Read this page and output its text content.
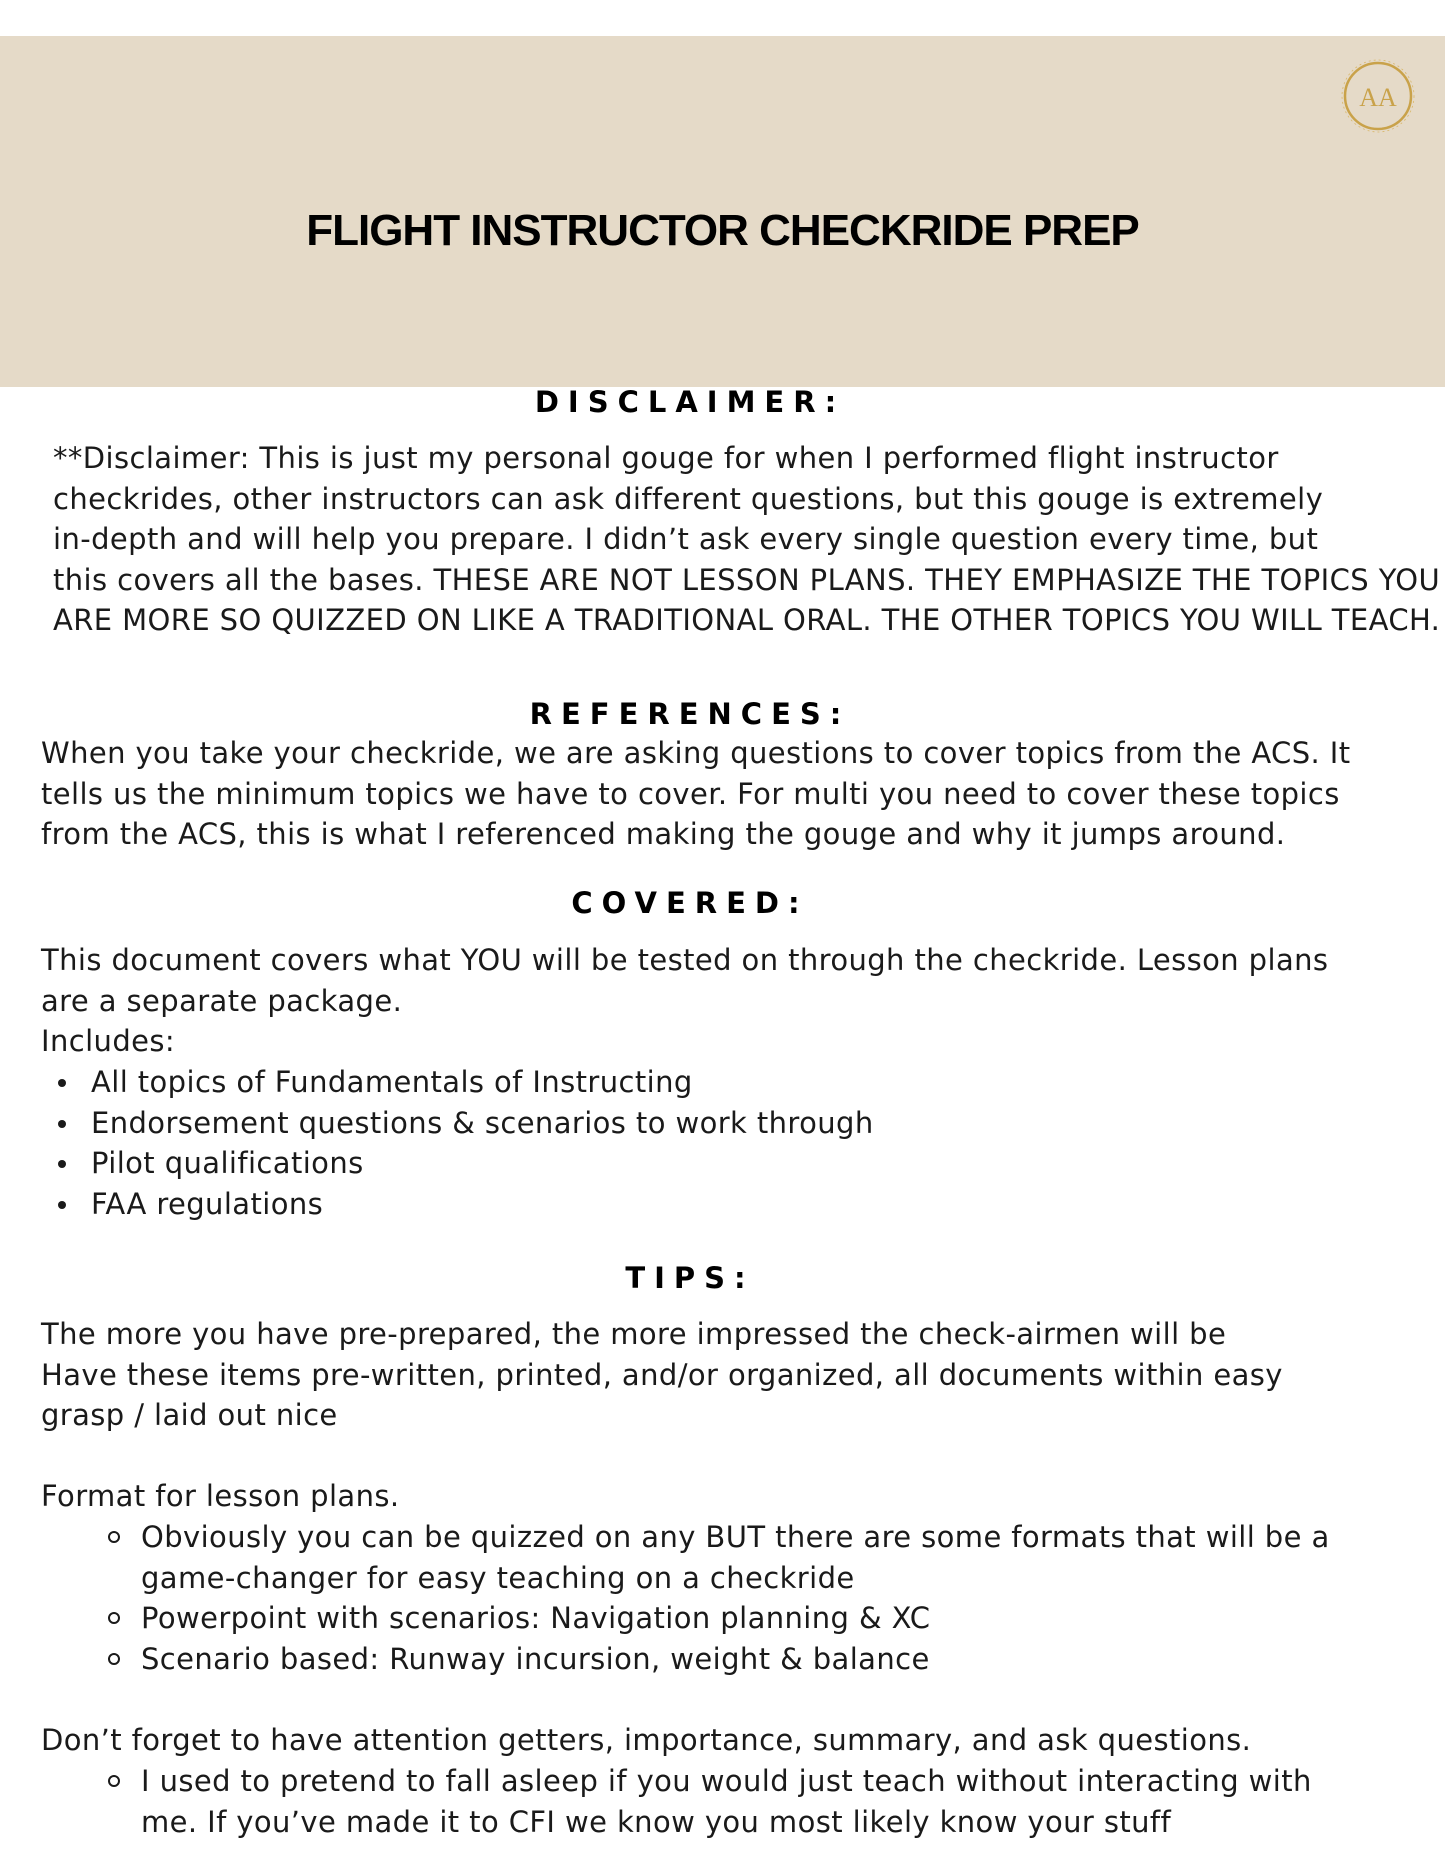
FLIGHT INSTRUCTOR CHECKRIDE PREP
AA
DISCLAIMER:
**Disclaimer: This is just my personal gouge for when I performed flight instructor
checkrides, other instructors can ask different questions, but this gouge is extremely
in-depth and will help you prepare. I didn’t ask every single question every time, but
this covers all the bases. THESE ARE NOT LESSON PLANS. THEY EMPHASIZE THE TOPICS YOU
ARE MORE SO QUIZZED ON LIKE A TRADITIONAL ORAL. THE OTHER TOPICS YOU WILL TEACH.
REFERENCES:
When you take your checkride, we are asking questions to cover topics from the ACS. It
tells us the minimum topics we have to cover. For multi you need to cover these topics
from the ACS, this is what I referenced making the gouge and why it jumps around.
COVERED:
This document covers what YOU will be tested on through the checkride. Lesson plans
are a separate package.
Includes:
All topics of Fundamentals of Instructing
Endorsement questions & scenarios to work through
Pilot qualifications
FAA regulations
TIPS:
The more you have pre-prepared, the more impressed the check-airmen will be
Have these items pre-written, printed, and/or organized, all documents within easy
grasp / laid out nice
Format for lesson plans.
Obviously you can be quizzed on any BUT there are some formats that will be a
game-changer for easy teaching on a checkride
Powerpoint with scenarios: Navigation planning & XC
Scenario based: Runway incursion, weight & balance
Don’t forget to have attention getters, importance, summary, and ask questions.
I used to pretend to fall asleep if you would just teach without interacting with
me. If you’ve made it to CFI we know you most likely know your stuff
